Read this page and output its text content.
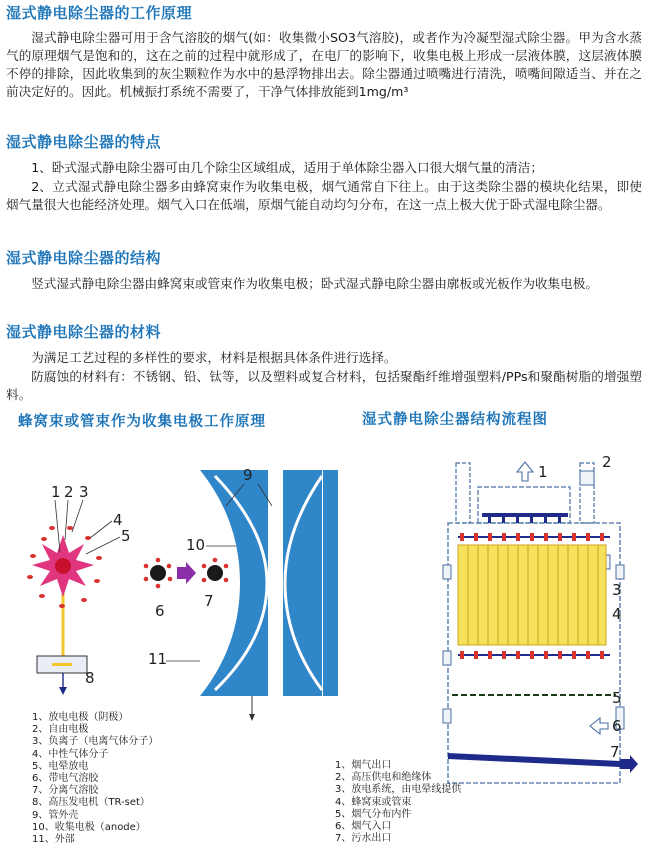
湿式静电除尘器的工作原理

湿式静电除尘器可用于含气溶胶的烟气(如：收集微小SO3气溶胶)，或者作为冷凝型湿式除尘器。甲为含水蒸气的原理烟气是饱和的，这在之前的过程中就形成了，在电厂的影响下，收集电极上形成一层液体膜，这层液体膜不停的排除，因此收集到的灰尘颗粒作为水中的悬浮物排出去。除尘器通过喷嘴进行清洗，喷嘴间隙适当、并在之前决定好的。因此。机械振打系统不需要了，干净气体排放能到1mg/m³

湿式静电除尘器的特点

1、卧式湿式静电除尘器可由几个除尘区域组成，适用于单体除尘器入口很大烟气量的清洁；

2、立式湿式静电除尘器多由蜂窝束作为收集电极，烟气通常自下往上。由于这类除尘器的模块化结果，即使烟气量很大也能经济处理。烟气入口在低端，原烟气能自动均匀分布，在这一点上极大优于卧式湿电除尘器。

湿式静电除尘器的结构

竖式湿式静电除尘器由蜂窝束或管束作为收集电极；卧式湿式静电除尘器由廓板或光板作为收集电极。

湿式静电除尘器的材料

为满足工艺过程的多样性的要求，材料是根据具体条件进行选择。

防腐蚀的材料有：不锈钢、铅、钛等，以及塑料或复合材料，包括聚酯纤维增强塑料/PPs和聚酯树脂的增强塑料。

蜂窝束或管束作为收集电极工作原理	湿式静电除尘器结构流程图
1 2 3
4
5
8
6
7
9
10
11
1、放电电极（阴极）
2、自由电极
3、负离子（电离气体分子）
4、中性气体分子
5、电晕放电
6、带电气溶胶
7、分离气溶胶
8、高压发电机（TR-set）
9、管外壳
10、收集电极（anode）
11、外部
1
2
3
4
5
6
7
1、烟气出口
2、高压供电和绝缘体
3、放电系统，由电晕线提供
4、蜂窝束或管束
5、烟气分布内件
6、烟气入口
7、污水出口
